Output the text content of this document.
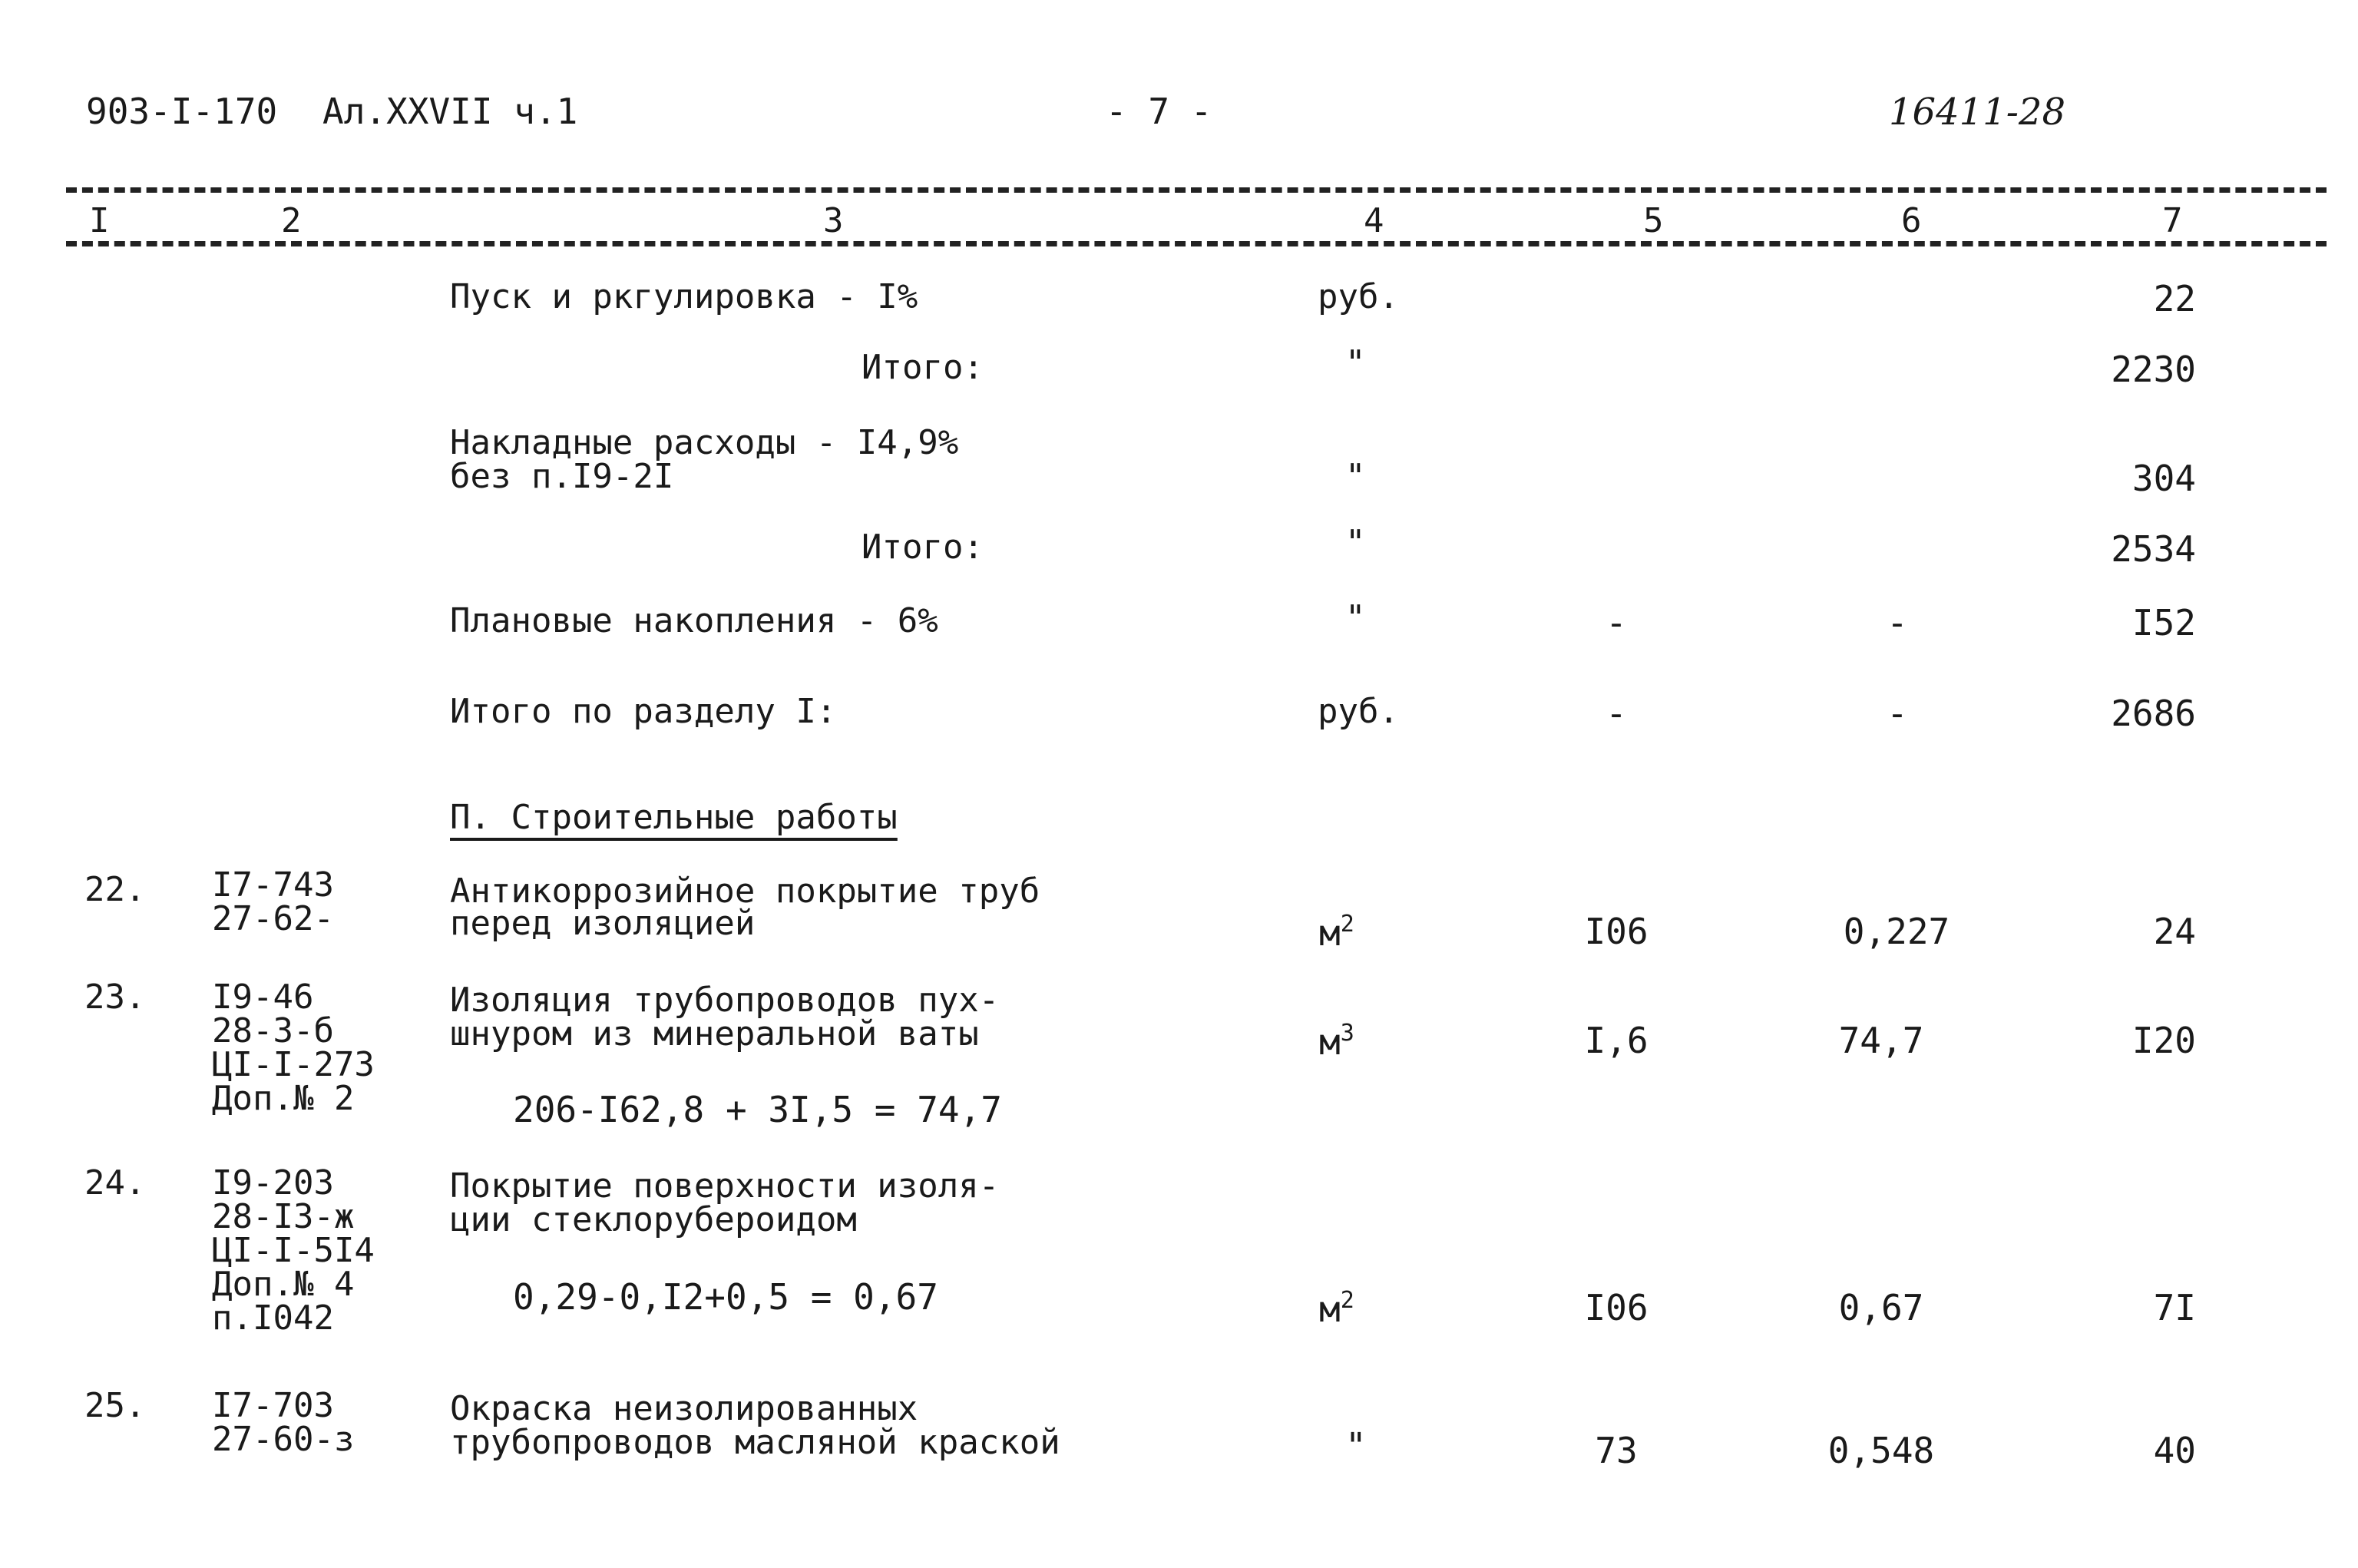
903-I-170 Ал.XXVII ч.1	- 7 -	16411-28
I	2	3	4	5	6	7
Пуск и ркгулировка - I%	руб.	22
Итого:	"	2230
Накладные расходы - I4,9%
без п.I9-2I	"	304
Итого:	"	2534
Плановые накопления - 6%	"	-	-	I52
Итого по разделу I:	руб.	-	-	2686
П. Строительные работы
22. I7-743
27-62-
Антикоррозийное покрытие труб
перед изоляцией	$м^2$	I06	0,227	24
23. I9-46
28-3-б
ЦI-I-273
Доп.№ 2
Изоляция трубопроводов пух-
шнуром из минеральной ваты	$м^3$	I,6	74,7	I20
206-I62,8 + 3I,5 = 74,7
24. I9-203
28-I3-ж
ЦI-I-5I4
Доп.№ 4
п.I042
Покрытие поверхности изоля-
ции стеклорубероидом
0,29-0,I2+0,5 = 0,67	$м^2$	I06	0,67	7I
25. I7-703
27-60-з
Окраска неизолированных
трубопроводов масляной краской	"	73	0,548	40
